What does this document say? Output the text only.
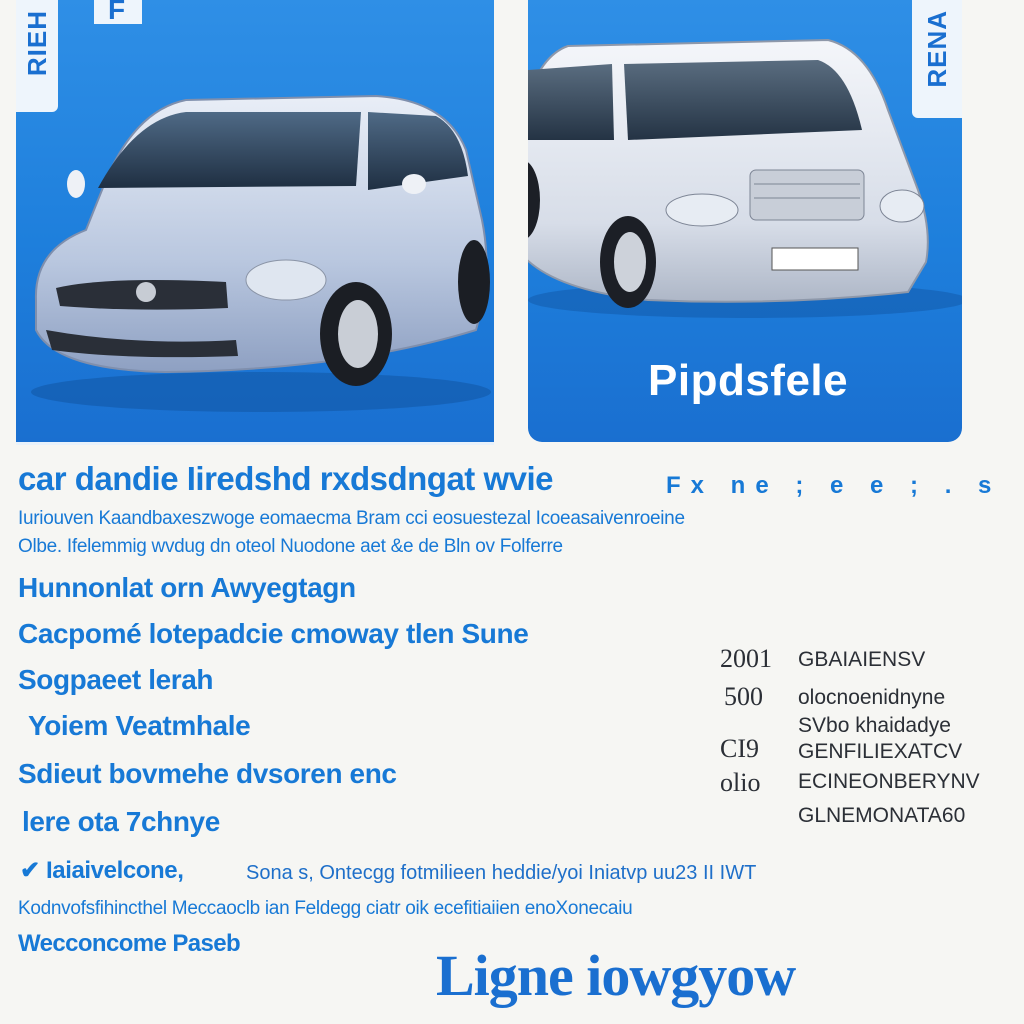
RIEH
F
RENA
Pipdsfele
car dandie Iiredshd rxdsdngat wvie	Fx ne ; e e ; . s
Iuriouven Kaandbaxeszwoge eomaecma Bram cci eosuestezal Icoeasaivenroeine
Olbe. Ifelemmig wvdug dn oteol Nuodone aet &e de Bln ov Folferre
Hunnonlat orn Awyegtagn
Cacpomé lotepadcie cmoway tlen Sune
Sogpaeet lerah
Yoiem Veatmhale
Sdieut bovmehe dvsoren enc
lere ota 7chnye
✔ Iaiaivelcone,	Sona s, Ontecgg fotmilieen heddie/yoi Iniatvp uu23 II IWT
Kodnvofsfihincthel Meccaoclb ian Feldegg ciatr oik ecefitiaiien enoXonecaiu
Wecconcome Paseb
2001 GBAIAIENSV
500 olocnoenidnyne
SVbo khaidadye
CI9 GENFILIEXATCV
olio ECINEONBERYNV
GLNEMONATA60
Ligne iowgyow
